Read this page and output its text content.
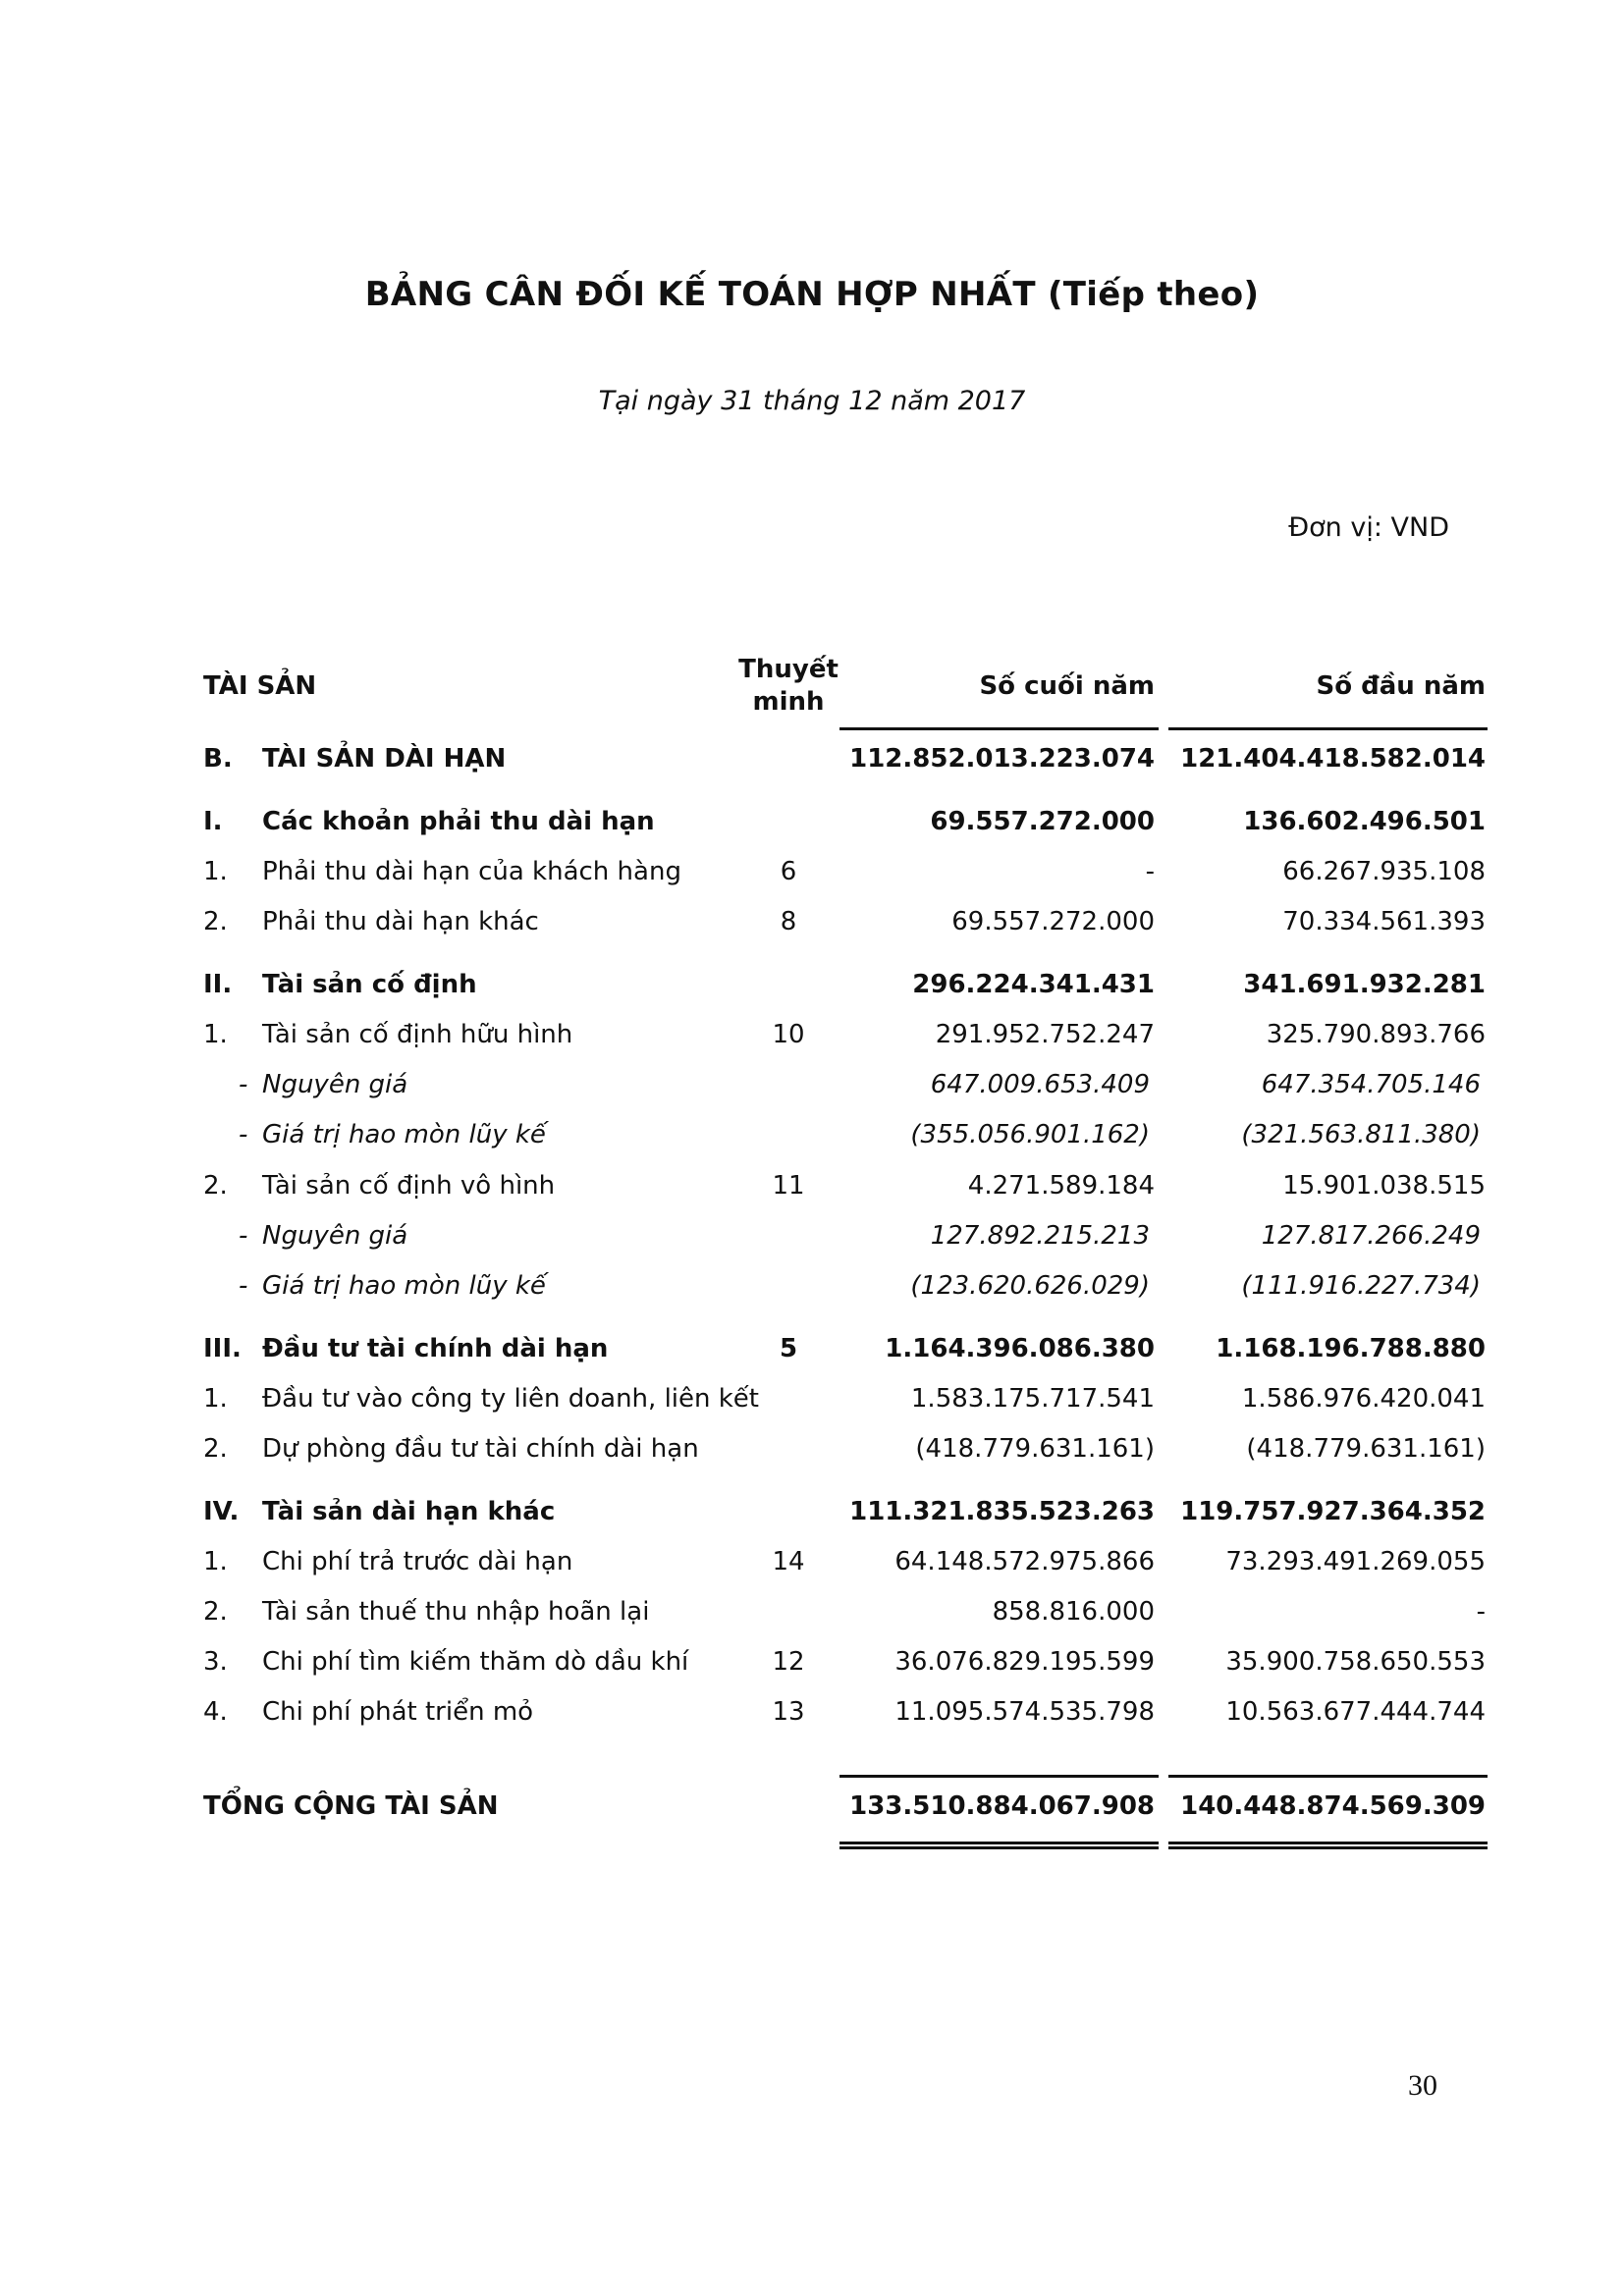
BẢNG CÂN ĐỐI KẾ TOÁN HỢP NHẤT (Tiếp theo)
Tại ngày 31 tháng 12 năm 2017
Đơn vị: VND
TÀI SẢN
Thuyết
minh
Số cuối năm	Số đầu năm
B. TÀI SẢN DÀI HẠN	112.852.013.223.074 121.404.418.582.014
I. Các khoản phải thu dài hạn	69.557.272.000	136.602.496.501
1. Phải thu dài hạn của khách hàng	6	-	66.267.935.108
2. Phải thu dài hạn khác	8	69.557.272.000	70.334.561.393
II. Tài sản cố định	296.224.341.431	341.691.932.281
1. Tài sản cố định hữu hình	10	291.952.752.247	325.790.893.766
- Nguyên giá	647.009.653.409	647.354.705.146
- Giá trị hao mòn lũy kế	(355.056.901.162)	(321.563.811.380)
2. Tài sản cố định vô hình	11	4.271.589.184	15.901.038.515
- Nguyên giá	127.892.215.213	127.817.266.249
- Giá trị hao mòn lũy kế	(123.620.626.029)	(111.916.227.734)
III. Đầu tư tài chính dài hạn	5	1.164.396.086.380 1.168.196.788.880
1. Đầu tư vào công ty liên doanh, liên kết	1.583.175.717.541	1.586.976.420.041
2. Dự phòng đầu tư tài chính dài hạn	(418.779.631.161)	(418.779.631.161)
IV. Tài sản dài hạn khác	111.321.835.523.263 119.757.927.364.352
1. Chi phí trả trước dài hạn	14	64.148.572.975.866	73.293.491.269.055
2. Tài sản thuế thu nhập hoãn lại	858.816.000	-
3. Chi phí tìm kiếm thăm dò dầu khí	12	36.076.829.195.599	35.900.758.650.553
4. Chi phí phát triển mỏ	13	11.095.574.535.798	10.563.677.444.744
TỔNG CỘNG TÀI SẢN	133.510.884.067.908 140.448.874.569.309
30
